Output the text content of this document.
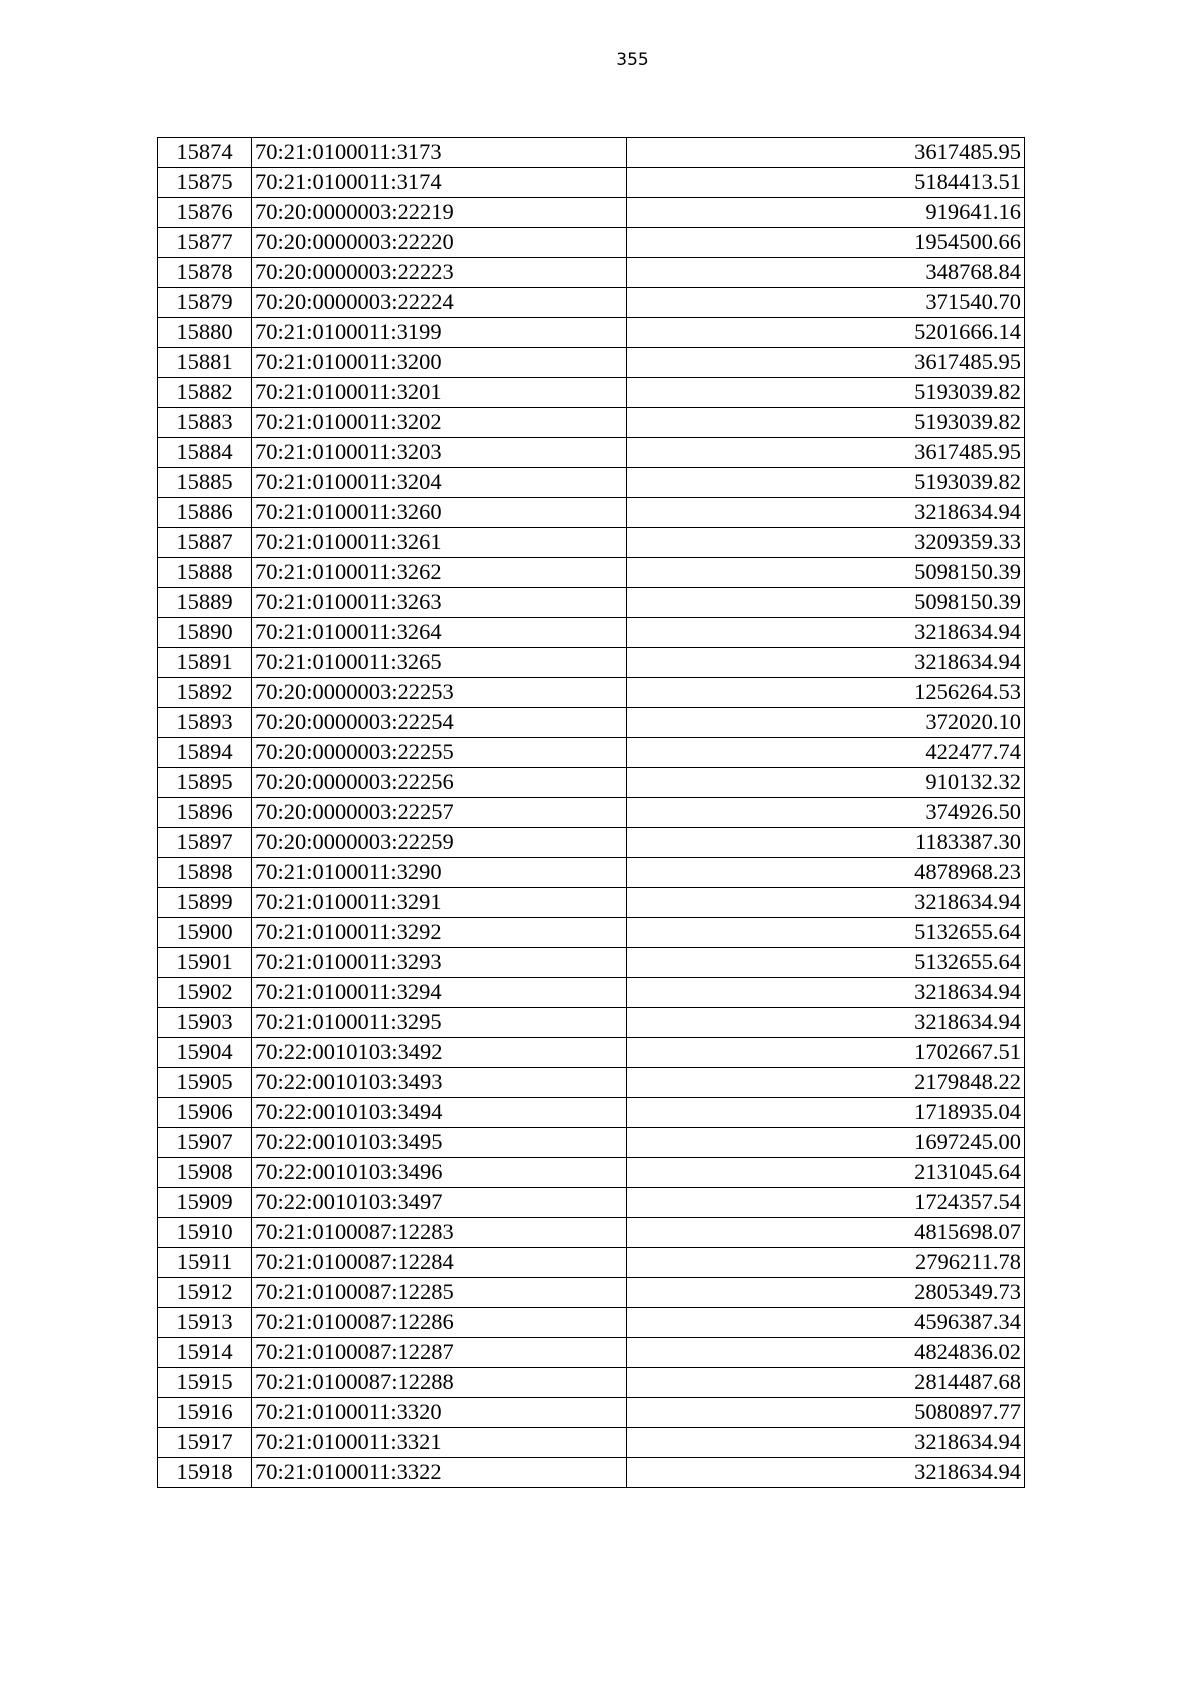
355
15874	70:21:0100011:3173	3617485.95
15875	70:21:0100011:3174	5184413.51
15876	70:20:0000003:22219	919641.16
15877	70:20:0000003:22220	1954500.66
15878	70:20:0000003:22223	348768.84
15879	70:20:0000003:22224	371540.70
15880	70:21:0100011:3199	5201666.14
15881	70:21:0100011:3200	3617485.95
15882	70:21:0100011:3201	5193039.82
15883	70:21:0100011:3202	5193039.82
15884	70:21:0100011:3203	3617485.95
15885	70:21:0100011:3204	5193039.82
15886	70:21:0100011:3260	3218634.94
15887	70:21:0100011:3261	3209359.33
15888	70:21:0100011:3262	5098150.39
15889	70:21:0100011:3263	5098150.39
15890	70:21:0100011:3264	3218634.94
15891	70:21:0100011:3265	3218634.94
15892	70:20:0000003:22253	1256264.53
15893	70:20:0000003:22254	372020.10
15894	70:20:0000003:22255	422477.74
15895	70:20:0000003:22256	910132.32
15896	70:20:0000003:22257	374926.50
15897	70:20:0000003:22259	1183387.30
15898	70:21:0100011:3290	4878968.23
15899	70:21:0100011:3291	3218634.94
15900	70:21:0100011:3292	5132655.64
15901	70:21:0100011:3293	5132655.64
15902	70:21:0100011:3294	3218634.94
15903	70:21:0100011:3295	3218634.94
15904	70:22:0010103:3492	1702667.51
15905	70:22:0010103:3493	2179848.22
15906	70:22:0010103:3494	1718935.04
15907	70:22:0010103:3495	1697245.00
15908	70:22:0010103:3496	2131045.64
15909	70:22:0010103:3497	1724357.54
15910	70:21:0100087:12283	4815698.07
15911	70:21:0100087:12284	2796211.78
15912	70:21:0100087:12285	2805349.73
15913	70:21:0100087:12286	4596387.34
15914	70:21:0100087:12287	4824836.02
15915	70:21:0100087:12288	2814487.68
15916	70:21:0100011:3320	5080897.77
15917	70:21:0100011:3321	3218634.94
15918	70:21:0100011:3322	3218634.94
